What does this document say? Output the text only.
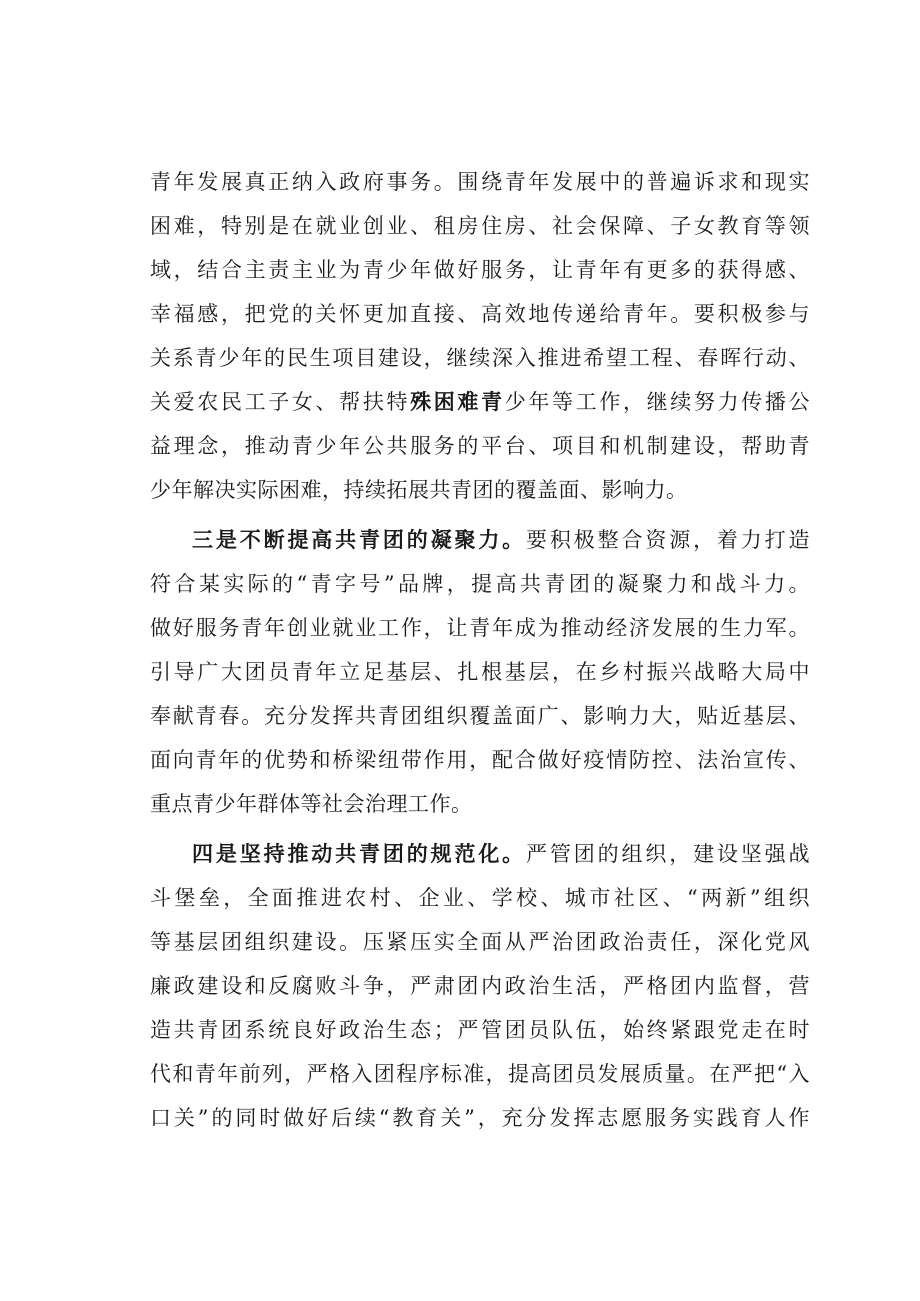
青年发展真正纳入政府事务。围绕青年发展中的普遍诉求和现实
困难，特别是在就业创业、租房住房、社会保障、子女教育等领
域，结合主责主业为青少年做好服务，让青年有更多的获得感、
幸福感，把党的关怀更加直接、高效地传递给青年。要积极参与
关系青少年的民生项目建设，继续深入推进希望工程、春晖行动、
关爱农民工子女、帮扶特殊困难青少年等工作，继续努力传播公
益理念，推动青少年公共服务的平台、项目和机制建设，帮助青
少年解决实际困难，持续拓展共青团的覆盖面、影响力。
三是不断提高共青团的凝聚力。要积极整合资源，着力打造
符合某实际的“青字号”品牌，提高共青团的凝聚力和战斗力。
做好服务青年创业就业工作，让青年成为推动经济发展的生力军。
引导广大团员青年立足基层、扎根基层，在乡村振兴战略大局中
奉献青春。充分发挥共青团组织覆盖面广、影响力大，贴近基层、
面向青年的优势和桥梁纽带作用，配合做好疫情防控、法治宣传、
重点青少年群体等社会治理工作。
四是坚持推动共青团的规范化。严管团的组织，建设坚强战
斗堡垒，全面推进农村、企业、学校、城市社区、“两新”组织
等基层团组织建设。压紧压实全面从严治团政治责任，深化党风
廉政建设和反腐败斗争，严肃团内政治生活，严格团内监督，营
造共青团系统良好政治生态；严管团员队伍，始终紧跟党走在时
代和青年前列，严格入团程序标准，提高团员发展质量。在严把“入
口关”的同时做好后续“教育关”，充分发挥志愿服务实践育人作
